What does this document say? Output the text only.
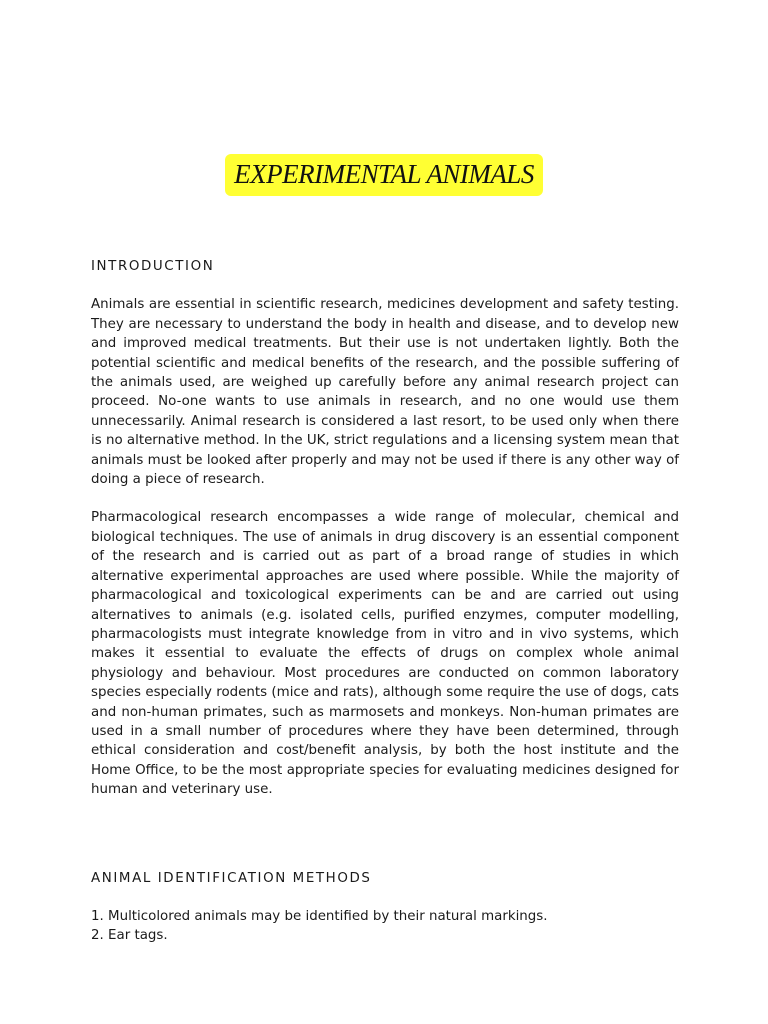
EXPERIMENTAL ANIMALS
INTRODUCTION

Animals are essential in scientific research, medicines development and safety testing. They are necessary to understand the body in health and disease, and to develop new and improved medical treatments. But their use is not undertaken lightly. Both the potential scientific and medical benefits of the research, and the possible suffering of the animals used, are weighed up carefully before any animal research project can proceed. No-one wants to use animals in research, and no one would use them unnecessarily. Animal research is considered a last resort, to be used only when there is no alternative method. In the UK, strict regulations and a licensing system mean that animals must be looked after properly and may not be used if there is any other way of doing a piece of research.

Pharmacological research encompasses a wide range of molecular, chemical and biological techniques. The use of animals in drug discovery is an essential component of the research and is carried out as part of a broad range of studies in which alternative experimental approaches are used where possible. While the majority of pharmacological and toxicological experiments can be and are carried out using alternatives to animals (e.g. isolated cells, purified enzymes, computer modelling, pharmacologists must integrate knowledge from in vitro and in vivo systems, which makes it essential to evaluate the effects of drugs on complex whole animal physiology and behaviour. Most procedures are conducted on common laboratory species especially rodents (mice and rats), although some require the use of dogs, cats and non-human primates, such as marmosets and monkeys. Non-human primates are used in a small number of procedures where they have been determined, through ethical consideration and cost/benefit analysis, by both the host institute and the Home Office, to be the most appropriate species for evaluating medicines designed for human and veterinary use.

ANIMAL IDENTIFICATION METHODS
1. Multicolored animals may be identified by their natural markings.
2. Ear tags.
